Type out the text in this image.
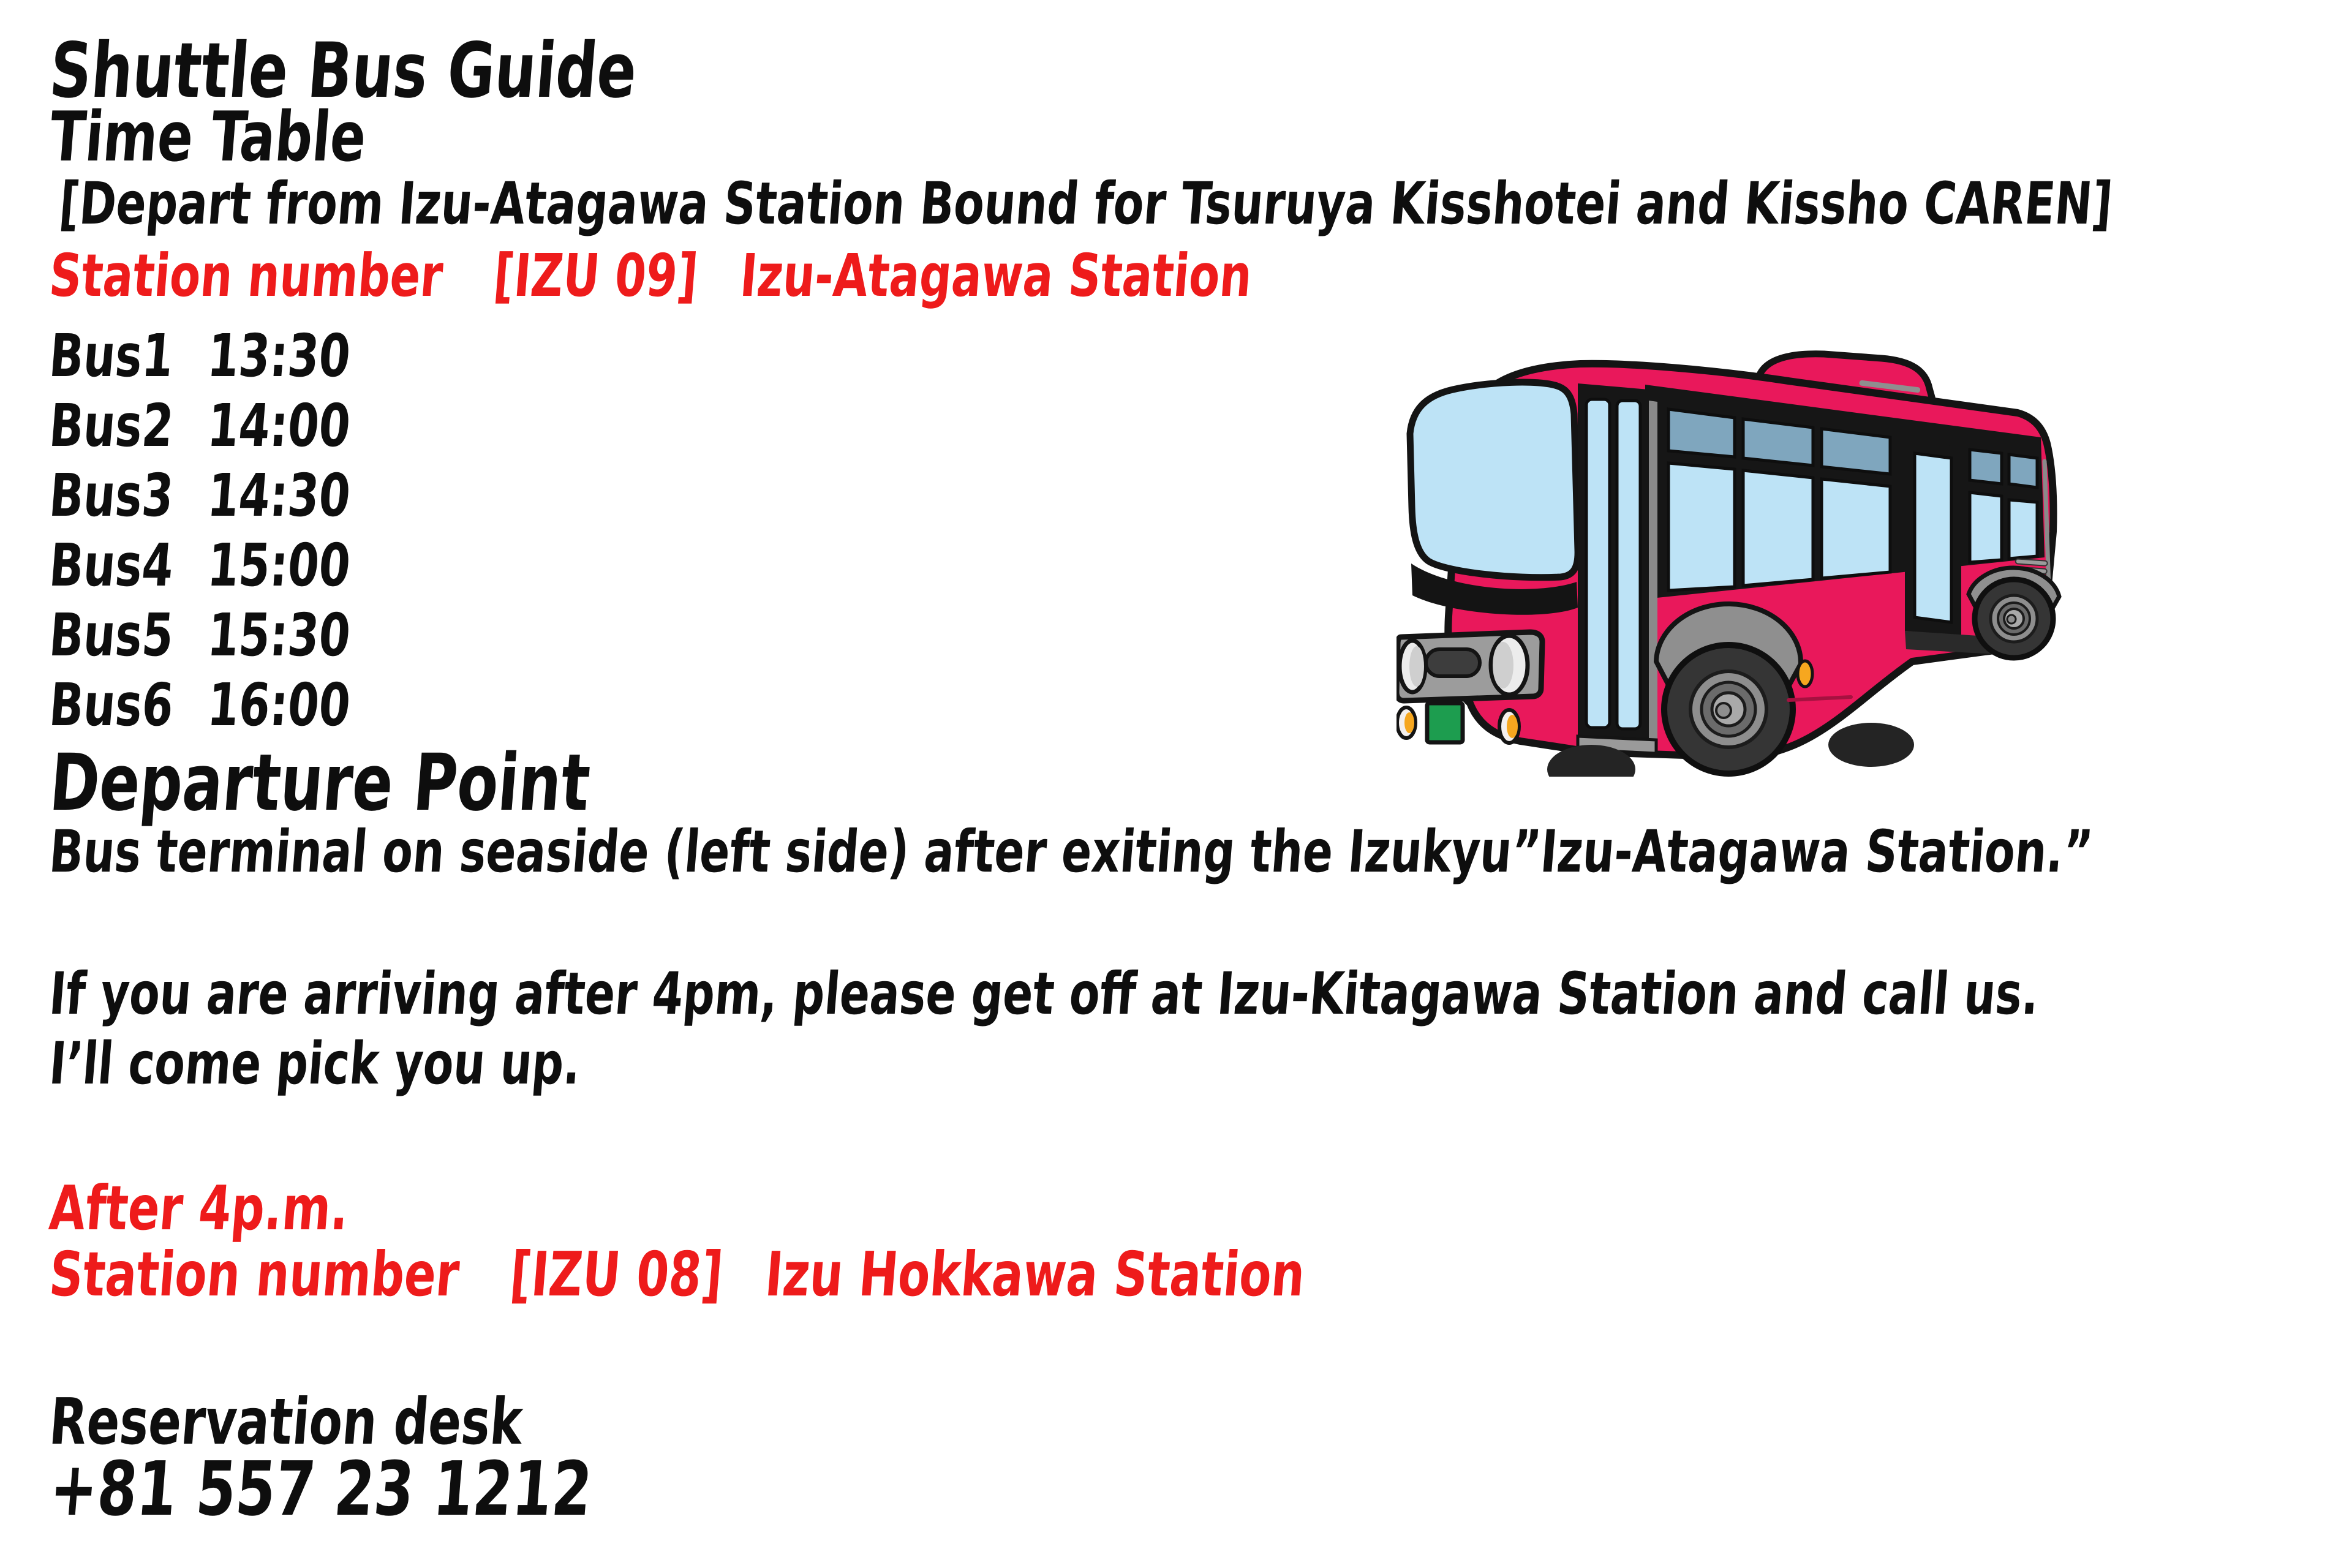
Shuttle Bus Guide
Time Table
[Depart from Izu-Atagawa Station Bound for Tsuruya Kisshotei and Kissho CAREN]
Station number [IZU 09] Izu-Atagawa Station
Bus1 13:30
Bus2 14:00
Bus3 14:30
Bus4 15:00
Bus5 15:30
Bus6 16:00
Departure Point
Bus terminal on seaside (left side) after exiting the Izukyu”Izu-Atagawa Station.”
If you are arriving after 4pm, please get off at Izu-Kitagawa Station and call us.
I’ll come pick you up.
After 4p.m.
Station number [IZU 08] Izu Hokkawa Station
Reservation desk
+81 557 23 1212
